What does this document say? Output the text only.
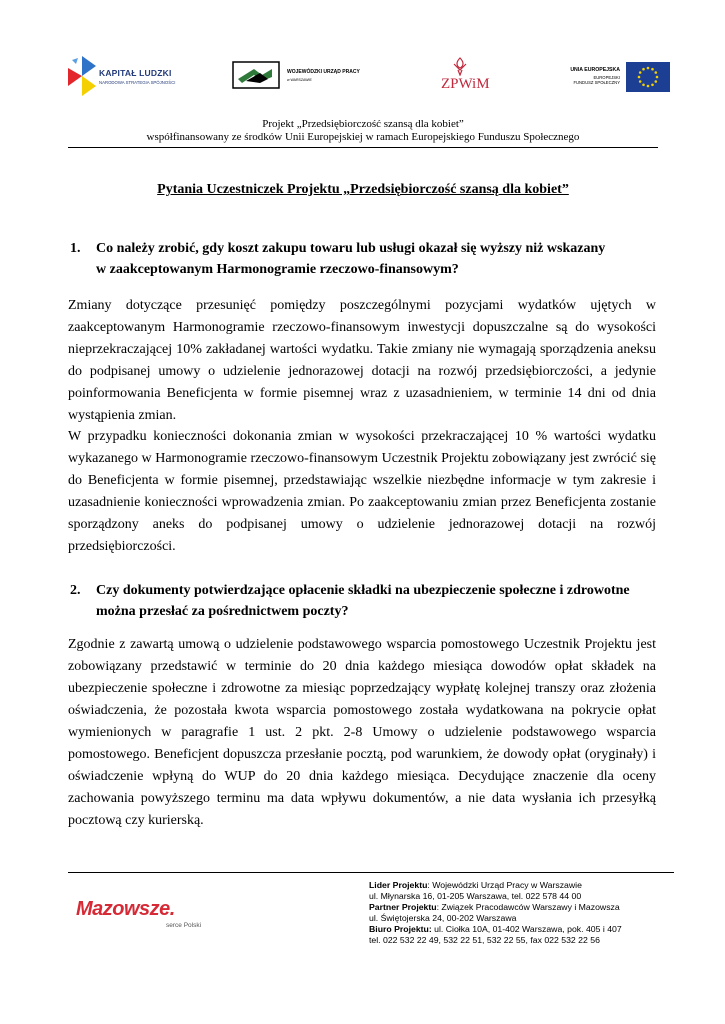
KAPITAŁ LUDZKI
NARODOWA STRATEGIA SPÓJNOŚCI
WOJEWÓDZKI URZĄD PRACY
w WARSZAWIE	ZPWiM
UNIA EUROPEJSKA
EUROPEJSKI
FUNDUSZ SPOŁECZNY
Projekt „Przedsiębiorczość szansą dla kobiet”
współfinansowany ze środków Unii Europejskiej w ramach Europejskiego Funduszu Społecznego
Pytania Uczestniczek Projektu „Przedsiębiorczość szansą dla kobiet”
1. Co należy zrobić, gdy koszt zakupu towaru lub usługi okazał się wyższy niż wskazany
w zaakceptowanym Harmonogramie rzeczowo-finansowym?
Zmiany dotyczące przesunięć pomiędzy poszczególnymi pozycjami wydatków ujętych w zaakceptowanym Harmonogramie rzeczowo-finansowym inwestycji dopuszczalne są do wysokości nieprzekraczającej 10% zakładanej wartości wydatku. Takie zmiany nie wymagają sporządzenia aneksu do podpisanej umowy o udzielenie jednorazowej dotacji na rozwój przedsiębiorczości, a jedynie poinformowania Beneficjenta w formie pisemnej wraz z uzasadnieniem, w terminie 14 dni od dnia wystąpienia zmian.
W przypadku konieczności dokonania zmian w wysokości przekraczającej 10 % wartości wydatku wykazanego w Harmonogramie rzeczowo-finansowym Uczestnik Projektu zobowiązany jest zwrócić się do Beneficjenta w formie pisemnej, przedstawiając wszelkie niezbędne informacje w tym zakresie i uzasadnienie konieczności wprowadzenia zmian. Po zaakceptowaniu zmian przez Beneficjenta zostanie sporządzony aneks do podpisanej umowy o udzielenie jednorazowej dotacji na rozwój przedsiębiorczości.
2. Czy dokumenty potwierdzające opłacenie składki na ubezpieczenie społeczne i zdrowotne
można przesłać za pośrednictwem poczty?
Zgodnie z zawartą umową o udzielenie podstawowego wsparcia pomostowego Uczestnik Projektu jest zobowiązany przedstawić w terminie do 20 dnia każdego miesiąca dowodów opłat składek na ubezpieczenie społeczne i zdrowotne za miesiąc poprzedzający wypłatę kolejnej transzy oraz złożenia oświadczenia, że pozostała kwota wsparcia pomostowego została wydatkowana na pokrycie opłat wymienionych w paragrafie 1 ust. 2 pkt. 2-8 Umowy o udzielenie podstawowego wsparcia pomostowego. Beneficjent dopuszcza przesłanie pocztą, pod warunkiem, że dowody opłat (oryginały) i oświadczenie wpłyną do WUP do 20 dnia każdego miesiąca. Decydujące znaczenie dla oceny zachowania powyższego terminu ma data wpływu dokumentów, a nie data wysłania ich przesyłką pocztową czy kurierską.
Mazowsze.
serce Polski
Lider Projektu: Wojewódzki Urząd Pracy w Warszawie
ul. Młynarska 16, 01-205 Warszawa, tel. 022 578 44 00
Partner Projektu: Związek Pracodawców Warszawy i Mazowsza
ul. Świętojerska 24, 00-202 Warszawa
Biuro Projektu: ul. Ciołka 10A, 01-402 Warszawa, pok. 405 i 407
tel. 022 532 22 49, 532 22 51, 532 22 55, fax 022 532 22 56
